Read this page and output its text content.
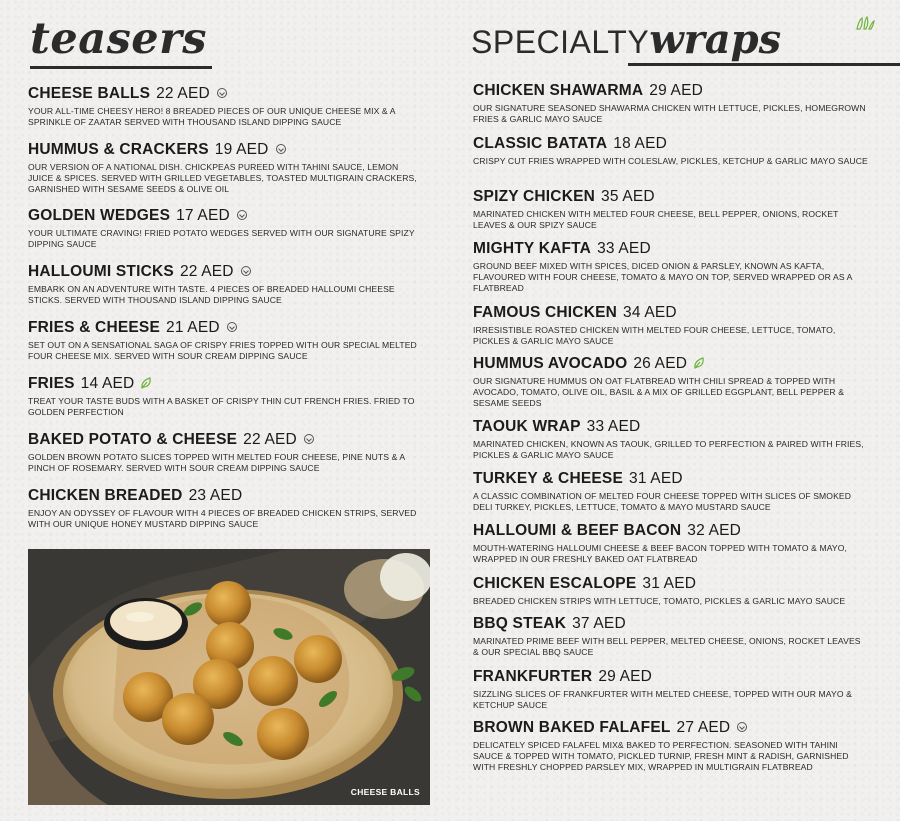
teasers	SPECIALTYwraps
CHEESE BALLS 22 AED
YOUR ALL-TIME CHEESY HERO! 8 BREADED PIECES OF OUR UNIQUE CHEESE MIX & A SPRINKLE OF ZAATAR SERVED WITH THOUSAND ISLAND DIPPING SAUCE
HUMMUS & CRACKERS 19 AED
OUR VERSION OF A NATIONAL DISH. CHICKPEAS PUREED WITH TAHINI SAUCE, LEMON JUICE & SPICES. SERVED WITH GRILLED VEGETABLES, TOASTED MULTIGRAIN CRACKERS, GARNISHED WITH SESAME SEEDS & OLIVE OIL
GOLDEN WEDGES 17 AED
YOUR ULTIMATE CRAVING! FRIED POTATO WEDGES SERVED WITH OUR SIGNATURE SPIZY DIPPING SAUCE
HALLOUMI STICKS 22 AED
EMBARK ON AN ADVENTURE WITH TASTE. 4 PIECES OF BREADED HALLOUMI CHEESE STICKS. SERVED WITH THOUSAND ISLAND DIPPING SAUCE
FRIES & CHEESE 21 AED
SET OUT ON A SENSATIONAL SAGA OF CRISPY FRIES TOPPED WITH OUR SPECIAL MELTED FOUR CHEESE MIX. SERVED WITH SOUR CREAM DIPPING SAUCE
FRIES 14 AED
TREAT YOUR TASTE BUDS WITH A BASKET OF CRISPY THIN CUT FRENCH FRIES. FRIED TO GOLDEN PERFECTION
BAKED POTATO & CHEESE 22 AED
GOLDEN BROWN POTATO SLICES TOPPED WITH MELTED FOUR CHEESE, PINE NUTS & A PINCH OF ROSEMARY. SERVED WITH SOUR CREAM DIPPING SAUCE
CHICKEN BREADED 23 AED
ENJOY AN ODYSSEY OF FLAVOUR WITH 4 PIECES OF BREADED CHICKEN STRIPS, SERVED WITH OUR UNIQUE HONEY MUSTARD DIPPING SAUCE
CHEESE BALLS
CHICKEN SHAWARMA 29 AED
OUR SIGNATURE SEASONED SHAWARMA CHICKEN WITH LETTUCE, PICKLES, HOMEGROWN FRIES & GARLIC MAYO SAUCE
CLASSIC BATATA 18 AED
CRISPY CUT FRIES WRAPPED WITH COLESLAW, PICKLES, KETCHUP & GARLIC MAYO SAUCE
SPIZY CHICKEN 35 AED
MARINATED CHICKEN WITH MELTED FOUR CHEESE, BELL PEPPER, ONIONS, ROCKET LEAVES & OUR SPIZY SAUCE
MIGHTY KAFTA 33 AED
GROUND BEEF MIXED WITH SPICES, DICED ONION & PARSLEY, KNOWN AS KAFTA, FLAVOURED WITH FOUR CHEESE, TOMATO & MAYO ON TOP, SERVED WRAPPED OR AS A FLATBREAD
FAMOUS CHICKEN 34 AED
IRRESISTIBLE ROASTED CHICKEN WITH MELTED FOUR CHEESE, LETTUCE, TOMATO, PICKLES & GARLIC MAYO SAUCE
HUMMUS AVOCADO 26 AED
OUR SIGNATURE HUMMUS ON OAT FLATBREAD WITH CHILI SPREAD & TOPPED WITH AVOCADO, TOMATO, OLIVE OIL, BASIL & A MIX OF GRILLED EGGPLANT, BELL PEPPER & SESAME SEEDS
TAOUK WRAP 33 AED
MARINATED CHICKEN, KNOWN AS TAOUK, GRILLED TO PERFECTION & PAIRED WITH FRIES, PICKLES & GARLIC MAYO SAUCE
TURKEY & CHEESE 31 AED
A CLASSIC COMBINATION OF MELTED FOUR CHEESE TOPPED WITH SLICES OF SMOKED DELI TURKEY, PICKLES, LETTUCE, TOMATO & MAYO MUSTARD SAUCE
HALLOUMI & BEEF BACON 32 AED
MOUTH-WATERING HALLOUMI CHEESE & BEEF BACON TOPPED WITH TOMATO & MAYO, WRAPPED IN OUR FRESHLY BAKED OAT FLATBREAD
CHICKEN ESCALOPE 31 AED
BREADED CHICKEN STRIPS WITH LETTUCE, TOMATO, PICKLES & GARLIC MAYO SAUCE
BBQ STEAK 37 AED
MARINATED PRIME BEEF WITH BELL PEPPER, MELTED CHEESE, ONIONS, ROCKET LEAVES & OUR SPECIAL BBQ SAUCE
FRANKFURTER 29 AED
SIZZLING SLICES OF FRANKFURTER WITH MELTED CHEESE, TOPPED WITH OUR MAYO & KETCHUP SAUCE
BROWN BAKED FALAFEL 27 AED
DELICATELY SPICED FALAFEL MIX& BAKED TO PERFECTION. SEASONED WITH TAHINI SAUCE & TOPPED WITH TOMATO, PICKLED TURNIP, FRESH MINT & RADISH, GARNISHED WITH FRESHLY CHOPPED PARSLEY MIX, WRAPPED IN MULTIGRAIN FLATBREAD
